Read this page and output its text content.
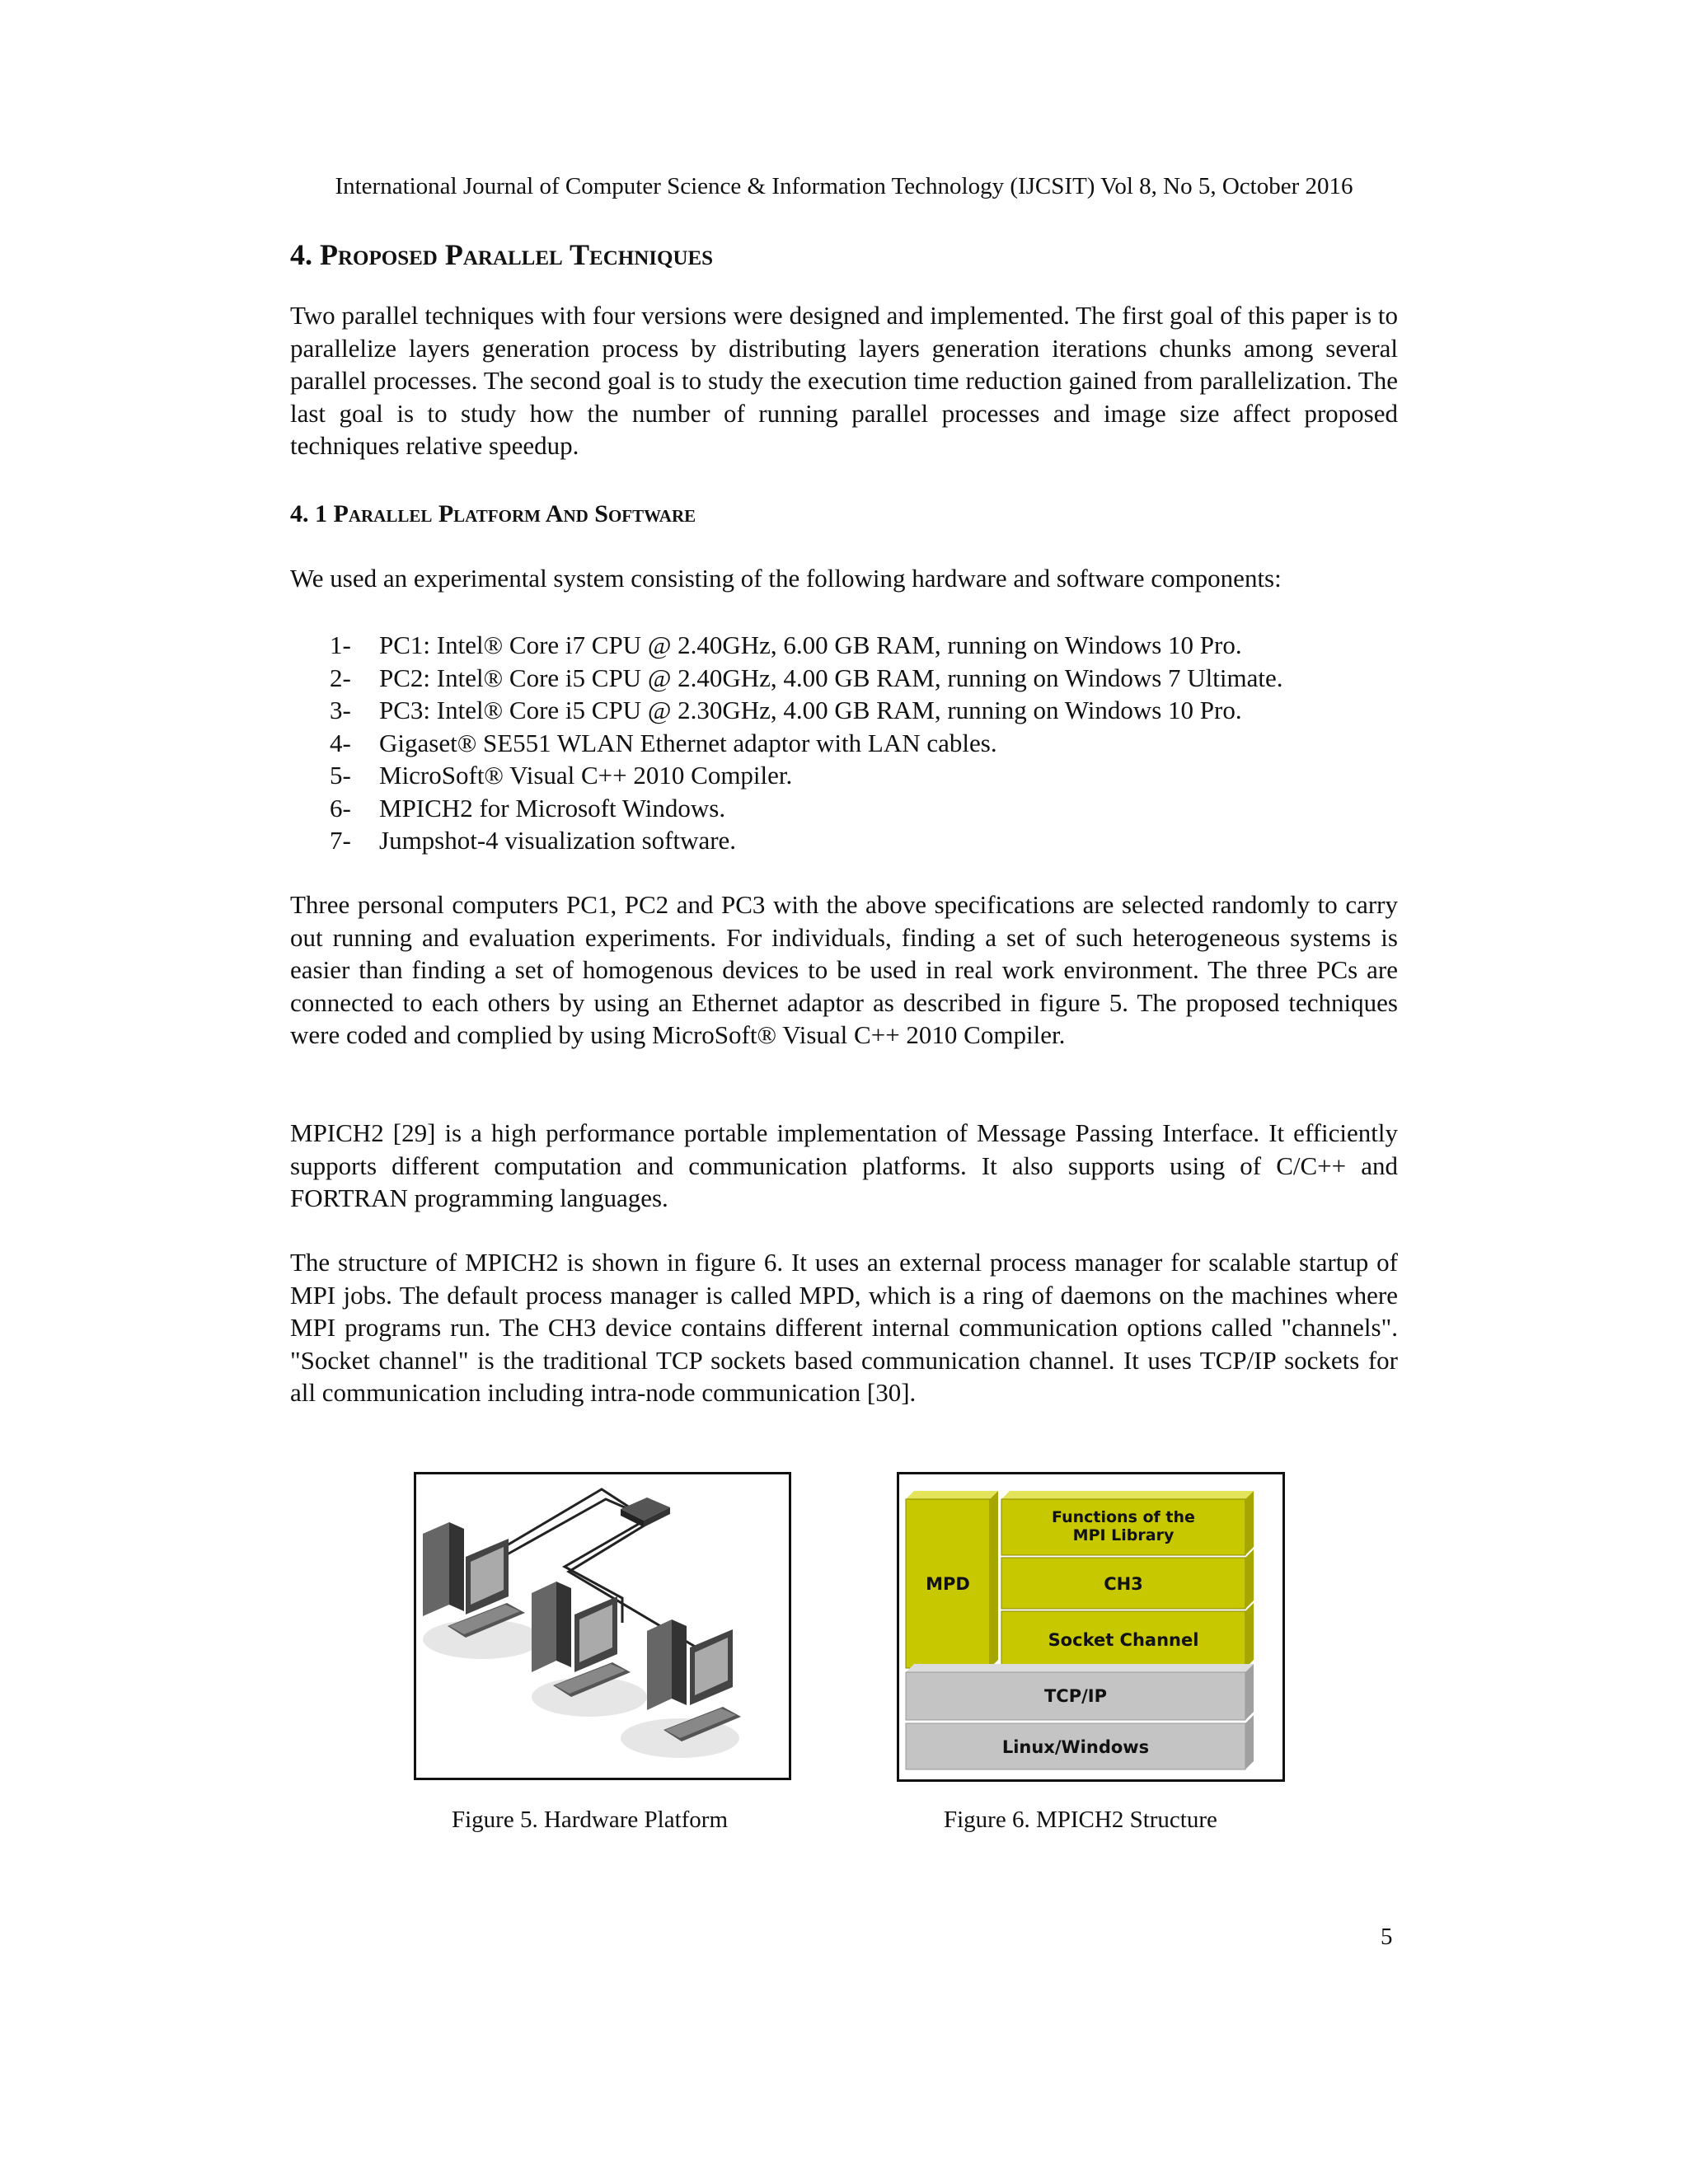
International Journal of Computer Science & Information Technology (IJCSIT) Vol 8, No 5, October 2016
4. Proposed Parallel Techniques

Two parallel techniques with four versions were designed and implemented. The first goal of this paper is to parallelize layers generation process by distributing layers generation iterations chunks among several parallel processes. The second goal is to study the execution time reduction gained from parallelization. The last goal is to study how the number of running parallel processes and image size affect proposed techniques relative speedup.

4. 1 Parallel Platform And Software

We used an experimental system consisting of the following hardware and software components:

1- PC1: Intel® Core i7 CPU @ 2.40GHz, 6.00 GB RAM, running on Windows 10 Pro.
2- PC2: Intel® Core i5 CPU @ 2.40GHz, 4.00 GB RAM, running on Windows 7 Ultimate.
3- PC3: Intel® Core i5 CPU @ 2.30GHz, 4.00 GB RAM, running on Windows 10 Pro.
4- Gigaset® SE551 WLAN Ethernet adaptor with LAN cables.
5- MicroSoft® Visual C++ 2010 Compiler.
6- MPICH2 for Microsoft Windows.
7- Jumpshot-4 visualization software.

Three personal computers PC1, PC2 and PC3 with the above specifications are selected randomly to carry out running and evaluation experiments. For individuals, finding a set of such heterogeneous systems is easier than finding a set of homogenous devices to be used in real work environment. The three PCs are connected to each others by using an Ethernet adaptor as described in figure 5. The proposed techniques were coded and complied by using MicroSoft® Visual C++ 2010 Compiler.

MPICH2 [29] is a high performance portable implementation of Message Passing Interface. It efficiently supports different computation and communication platforms. It also supports using of C/C++ and FORTRAN programming languages.

The structure of MPICH2 is shown in figure 6. It uses an external process manager for scalable startup of MPI jobs. The default process manager is called MPD, which is a ring of daemons on the machines where MPI programs run. The CH3 device contains different internal communication options called "channels". "Socket channel" is the traditional TCP sockets based communication channel. It uses TCP/IP sockets for all communication including intra-node communication [30].

MPD
Functions of the
MPI Library
CH3
Socket Channel
TCP/IP
Linux/Windows
Figure 5. Hardware Platform	Figure 6. MPICH2 Structure
5
